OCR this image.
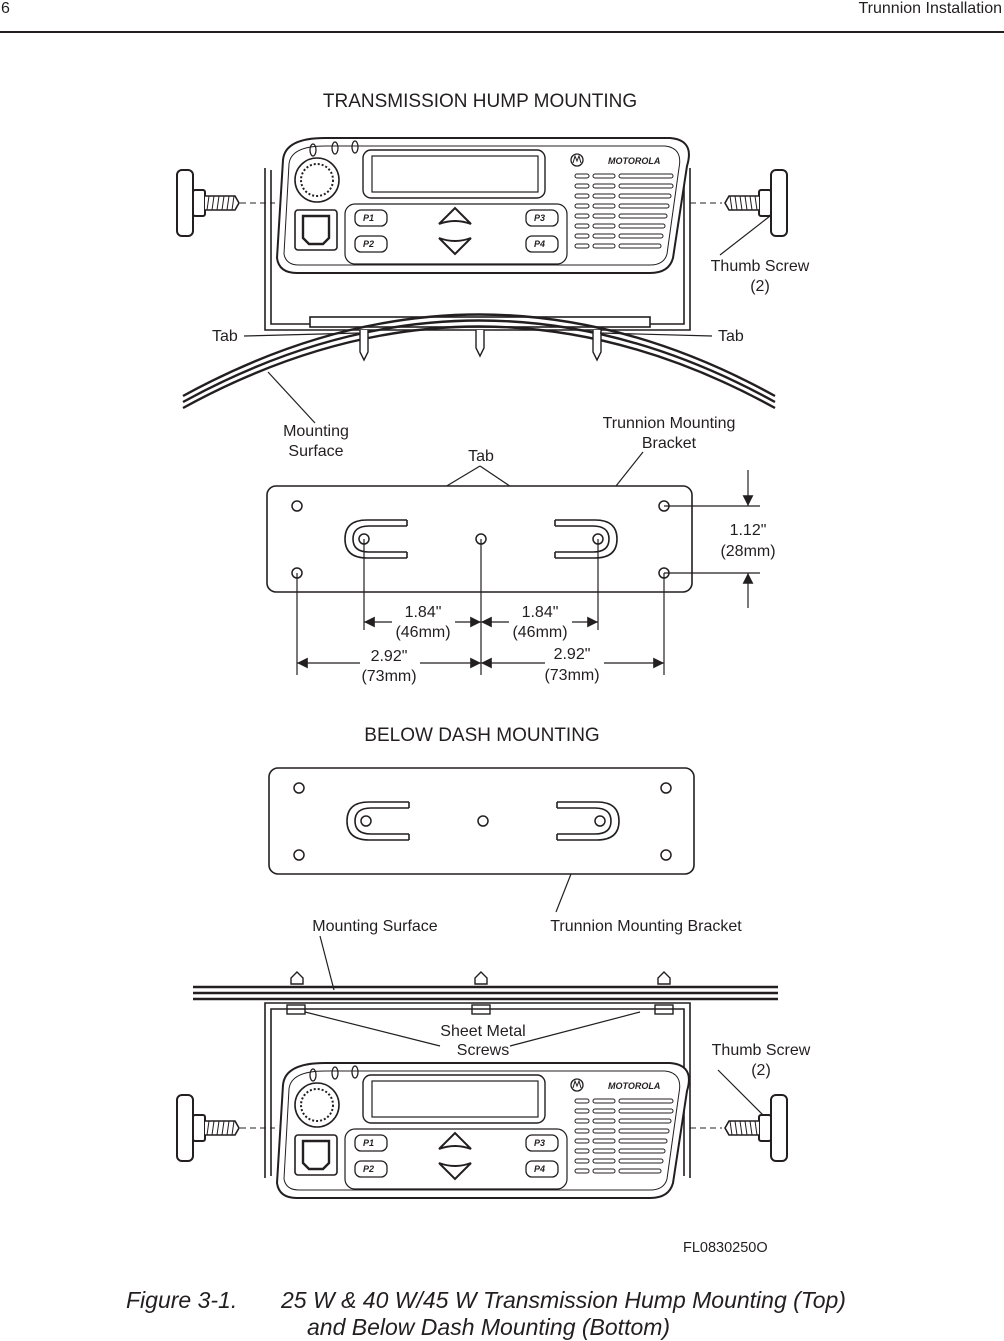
6	Trunnion Installation
TRANSMISSION HUMP MOUNTING
MOTOROLA
P1
P2
P3
P4
Thumb Screw
(2)
Tab	Tab
Mounting
Surface
Trunnion Mounting
Bracket
Tab
1.12"
(28mm)
1.84"
(46mm)
1.84"
(46mm)
2.92"
(73mm)
2.92"
(73mm)
BELOW DASH MOUNTING
Mounting Surface	Trunnion Mounting Bracket
Sheet Metal
Screws	Thumb Screw
(2)
MOTOROLA
P1
P2
P3
P4
FL0830250O
Figure 3-1. 25 W & 40 W/45 W Transmission Hump Mounting (Top)
and Below Dash Mounting (Bottom)
